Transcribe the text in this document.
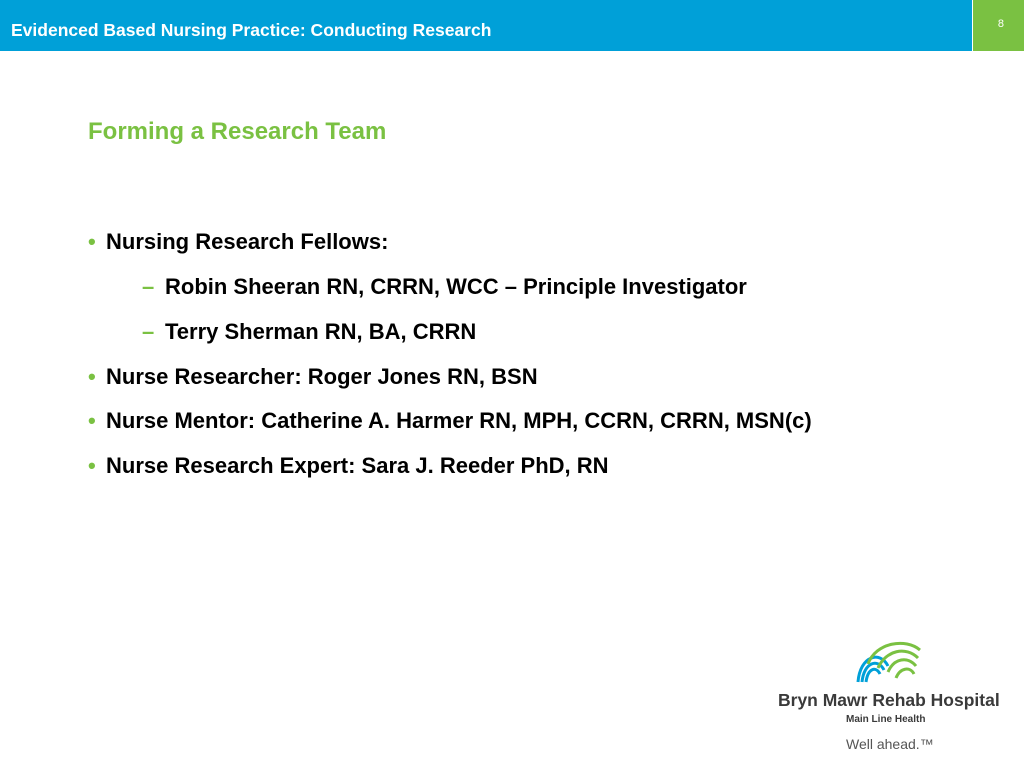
Evidenced Based Nursing Practice: Conducting Research	8
Forming a Research Team
• Nursing Research Fellows:
– Robin Sheeran RN, CRRN, WCC – Principle Investigator
– Terry Sherman RN, BA, CRRN
• Nurse Researcher: Roger Jones RN, BSN
• Nurse Mentor: Catherine A. Harmer RN, MPH, CCRN, CRRN, MSN(c)
• Nurse Research Expert: Sara J. Reeder PhD, RN
Bryn Mawr Rehab Hospital
Main Line Health
Well ahead.™
